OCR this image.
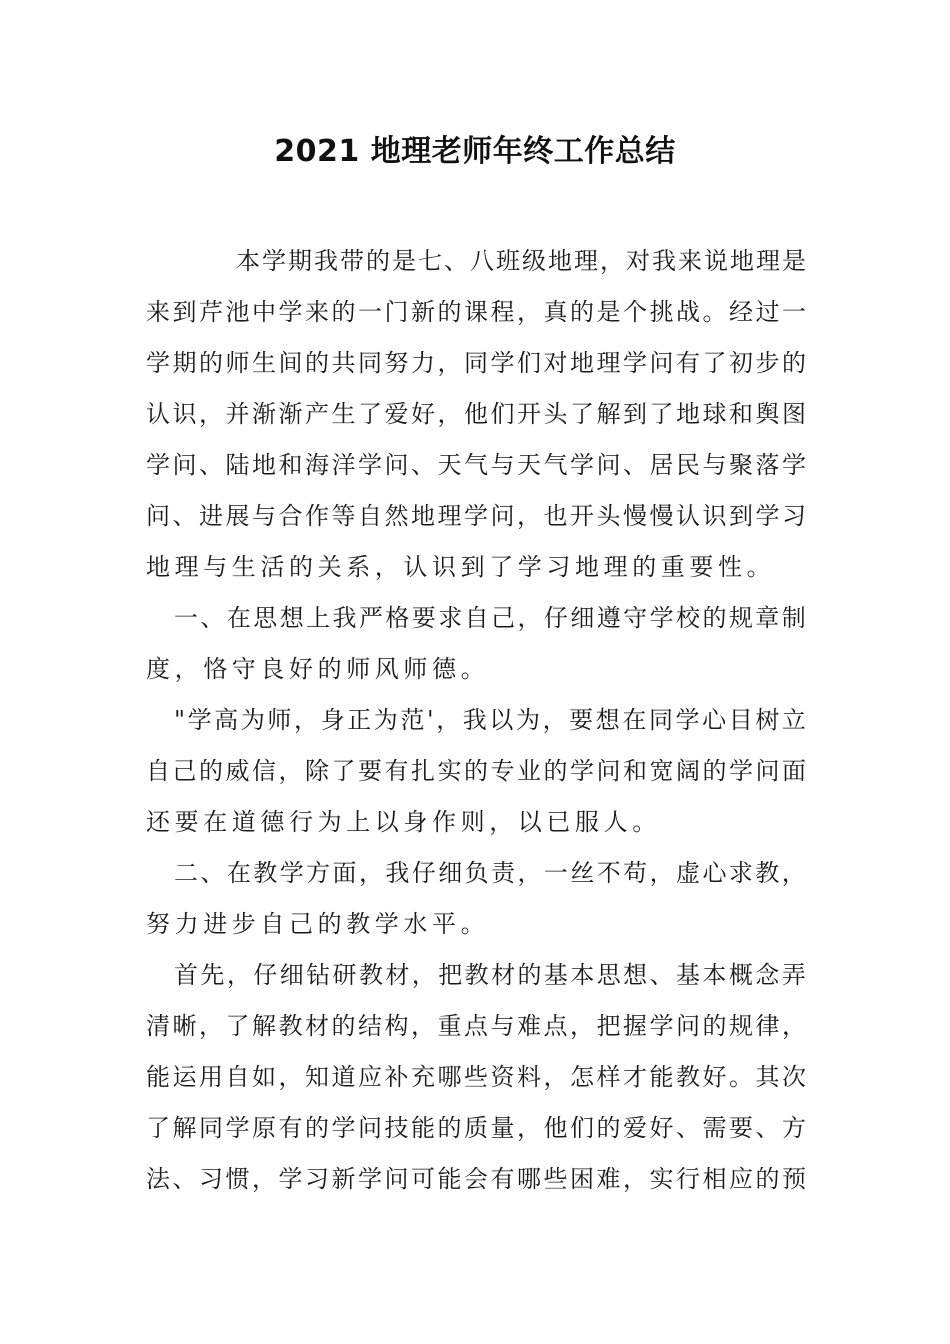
2021 地理老师年终工作总结
本 学 期 我 带 的 是 七 、 八 班 级 地 理 ， 对 我 来 说 地 理 是
来 到 芹 池 中 学 来 的 一 门 新 的 课 程 ， 真 的 是 个 挑 战 。 经 过 一
学 期 的 师 生 间 的 共 同 努 力 ， 同 学 们 对 地 理 学 问 有 了 初 步 的
认 识 ， 并 渐 渐 产 生 了 爱 好 ， 他 们 开 头 了 解 到 了 地 球 和 舆 图
学 问 、 陆 地 和 海 洋 学 问 、 天 气 与 天 气 学 问 、 居 民 与 聚 落 学
问 、 进 展 与 合 作 等 自 然 地 理 学 问 ， 也 开 头 慢 慢 认 识 到 学 习
地理与生活的关系，认识到了学习地理的重要性。
一 、 在 思 想 上 我 严 格 要 求 自 己 ， 仔 细 遵 守 学 校 的 规 章 制
度，恪守良好的师风师德。
" 学 高 为 师 ， 身 正 为 范 ' ， 我 以 为 ， 要 想 在 同 学 心 目 树 立
自 己 的 威 信 ， 除 了 要 有 扎 实 的 专 业 的 学 问 和 宽 阔 的 学 问 面
还要在道德行为上以身作则，以已服人。
二 、 在 教 学 方 面 ， 我 仔 细 负 责 ， 一 丝 不 苟 ， 虚 心 求 教 ，
努力进步自己的教学水平。
首 先 ， 仔 细 钻 研 教 材 ， 把 教 材 的 基 本 思 想 、 基 本 概 念 弄
清 晰 ， 了 解 教 材 的 结 构 ， 重 点 与 难 点 ， 把 握 学 问 的 规 律 ，
能 运 用 自 如 ， 知 道 应 补 充 哪 些 资 料 ， 怎 样 才 能 教 好 。 其 次
了 解 同 学 原 有 的 学 问 技 能 的 质 量 ， 他 们 的 爱 好 、 需 要 、 方
法 、 习 惯 ， 学 习 新 学 问 可 能 会 有 哪 些 困 难 ， 实 行 相 应 的 预
